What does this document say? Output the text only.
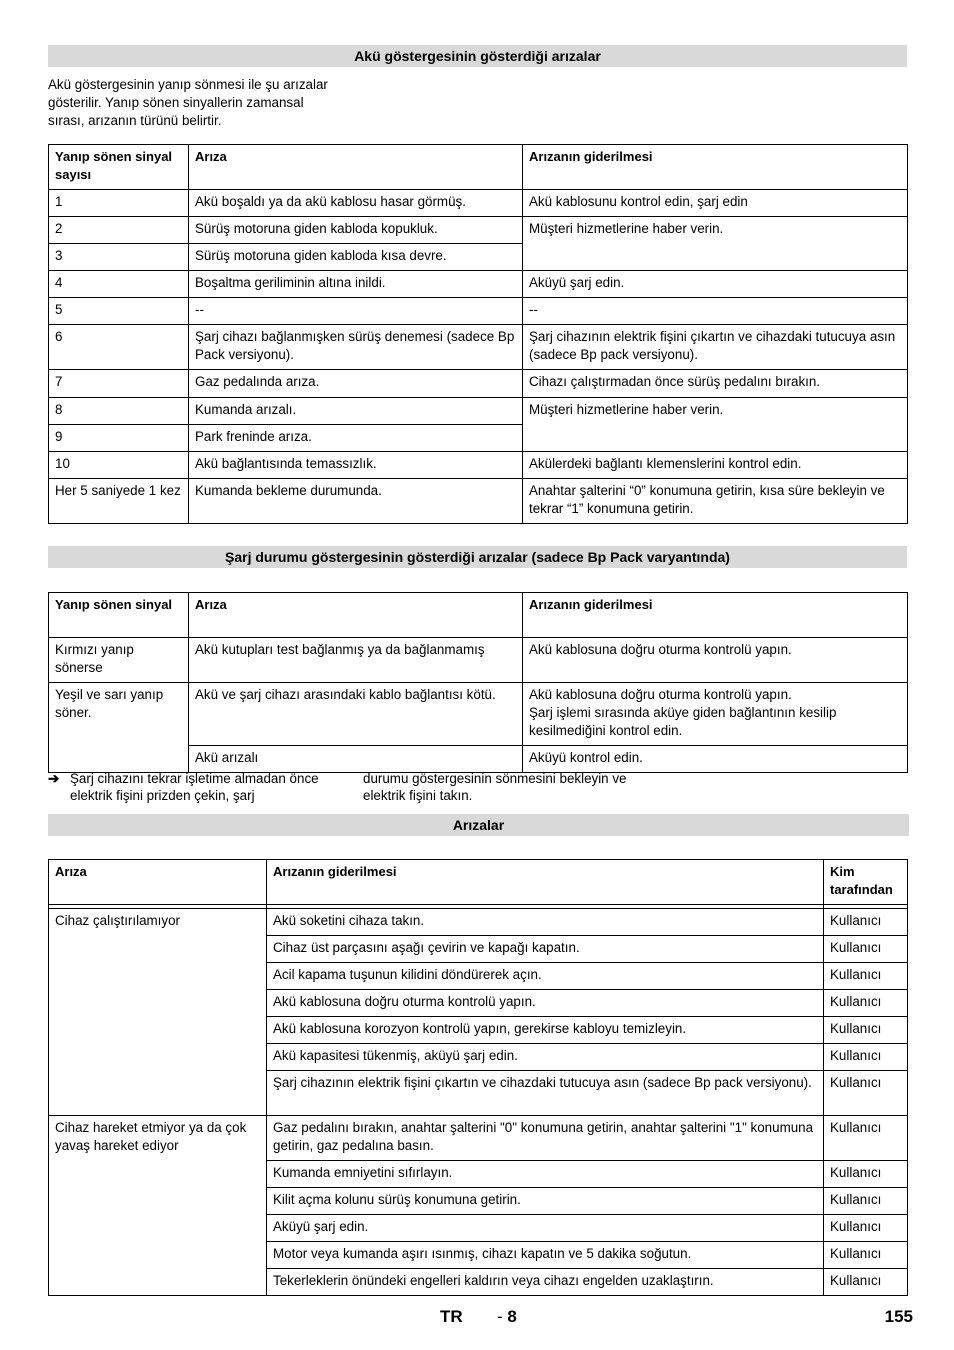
Akü göstergesinin gösterdiği arızalar
Akü göstergesinin yanıp sönmesi ile şu arızalar gösterilir. Yanıp sönen sinyallerin zamansal sırası, arızanın türünü belirtir.
Yanıp sönen sinyal sayısı	Arıza	Arızanın giderilmesi
1	Akü boşaldı ya da akü kablosu hasar görmüş.	Akü kablosunu kontrol edin, şarj edin
2	Sürüş motoruna giden kabloda kopukluk.	Müşteri hizmetlerine haber verin.
3	Sürüş motoruna giden kabloda kısa devre.	
4	Boşaltma geriliminin altına inildi.	Aküyü şarj edin.
5	--	--
6	Şarj cihazı bağlanmışken sürüş denemesi (sadece Bp Pack versiyonu).	Şarj cihazının elektrik fişini çıkartın ve cihazdaki tutucuya asın (sadece Bp pack versiyonu).
7	Gaz pedalında arıza.	Cihazı çalıştırmadan önce sürüş pedalını bırakın.
8	Kumanda arızalı.	Müşteri hizmetlerine haber verin.
9	Park freninde arıza.	
10	Akü bağlantısında temassızlık.	Akülerdeki bağlantı klemenslerini kontrol edin.
Her 5 saniyede 1 kez	Kumanda bekleme durumunda.	Anahtar şalterini “0” konumuna getirin, kısa süre bekleyin ve tekrar “1” konumuna getirin.
Şarj durumu göstergesinin gösterdiği arızalar (sadece Bp Pack varyantında)
Yanıp sönen sinyal	Arıza	Arızanın giderilmesi
Kırmızı yanıp sönerse	Akü kutupları test bağlanmış ya da bağlanmamış	Akü kablosuna doğru oturma kontrolü yapın.
Yeşil ve sarı yanıp söner.	Akü ve şarj cihazı arasındaki kablo bağlantısı kötü.	Akü kablosuna doğru oturma kontrolü yapın.
Şarj işlemi sırasında aküye giden bağlantının kesilip kesilmediğini kontrol edin.

	Akü arızalı	Aküyü kontrol edin.
➔ Şarj cihazını tekrar işletime almadan önce elektrik fişini prizden çekin, şarj
durumu göstergesinin sönmesini bekleyin ve elektrik fişini takın.
Arızalar
Arıza	Arızanın giderilmesi	Kim tarafından

Cihaz çalıştırılamıyor	Akü soketini cihaza takın.	Kullanıcı
	Cihaz üst parçasını aşağı çevirin ve kapağı kapatın.	Kullanıcı
	Acil kapama tuşunun kilidini döndürerek açın.	Kullanıcı
	Akü kablosuna doğru oturma kontrolü yapın.	Kullanıcı
	Akü kablosuna korozyon kontrolü yapın, gerekirse kabloyu temizleyin.	Kullanıcı
	Akü kapasitesi tükenmiş, aküyü şarj edin.	Kullanıcı
	Şarj cihazının elektrik fişini çıkartın ve cihazdaki tutucuya asın (sadece Bp pack versiyonu).	Kullanıcı
Cihaz hareket etmiyor ya da çok yavaş hareket ediyor	Gaz pedalını bırakın, anahtar şalterini "0" konumuna getirin, anahtar şalterini "1" konumuna getirin, gaz pedalına basın.	Kullanıcı
	Kumanda emniyetini sıfırlayın.	Kullanıcı
	Kilit açma kolunu sürüş konumuna getirin.	Kullanıcı
	Aküyü şarj edin.	Kullanıcı
	Motor veya kumanda aşırı ısınmış, cihazı kapatın ve 5 dakika soğutun.	Kullanıcı
	Tekerleklerin önündeki engelleri kaldırın veya cihazı engelden uzaklaştırın.	Kullanıcı
TR - 8	155
